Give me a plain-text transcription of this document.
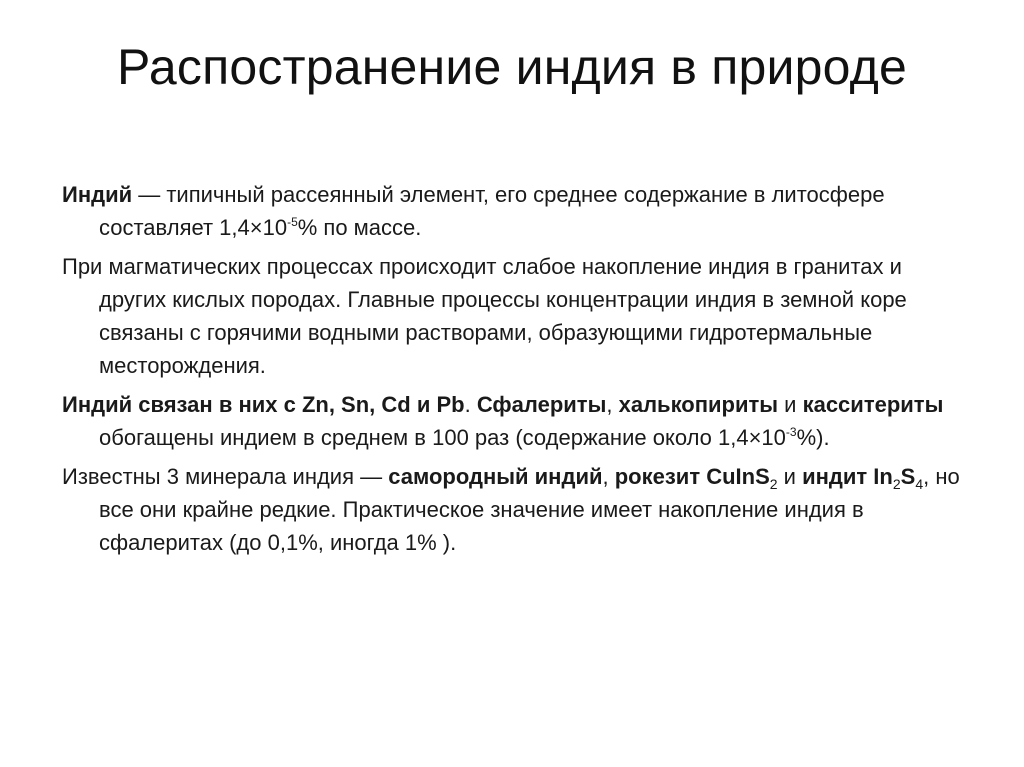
Распостранение индия в природе

Индий — типичный рассеянный элемент, его среднее содержание в литосфере составляет $1,4\times 10^{-5}\%$ по массе.

При магматических процессах происходит слабое накопление индия в гранитах и других кислых породах. Главные процессы концентрации индия в земной коре связаны с горячими водными растворами, образующими гидротермальные месторождения.

Индий связан в них с Zn, Sn, Cd и Pb. Сфалериты, халькопириты и касситериты обогащены индием в среднем в 100 раз (содержание около $1,4\times 10^{-3}\%$).

Известны 3 минерала индия — самородный индий, рокезит CuInS$_2$ и индит $In_2S_4$, но все они крайне редкие. Практическое значение имеет накопление индия в сфалеритах (до 0,1%, иногда 1% ).
